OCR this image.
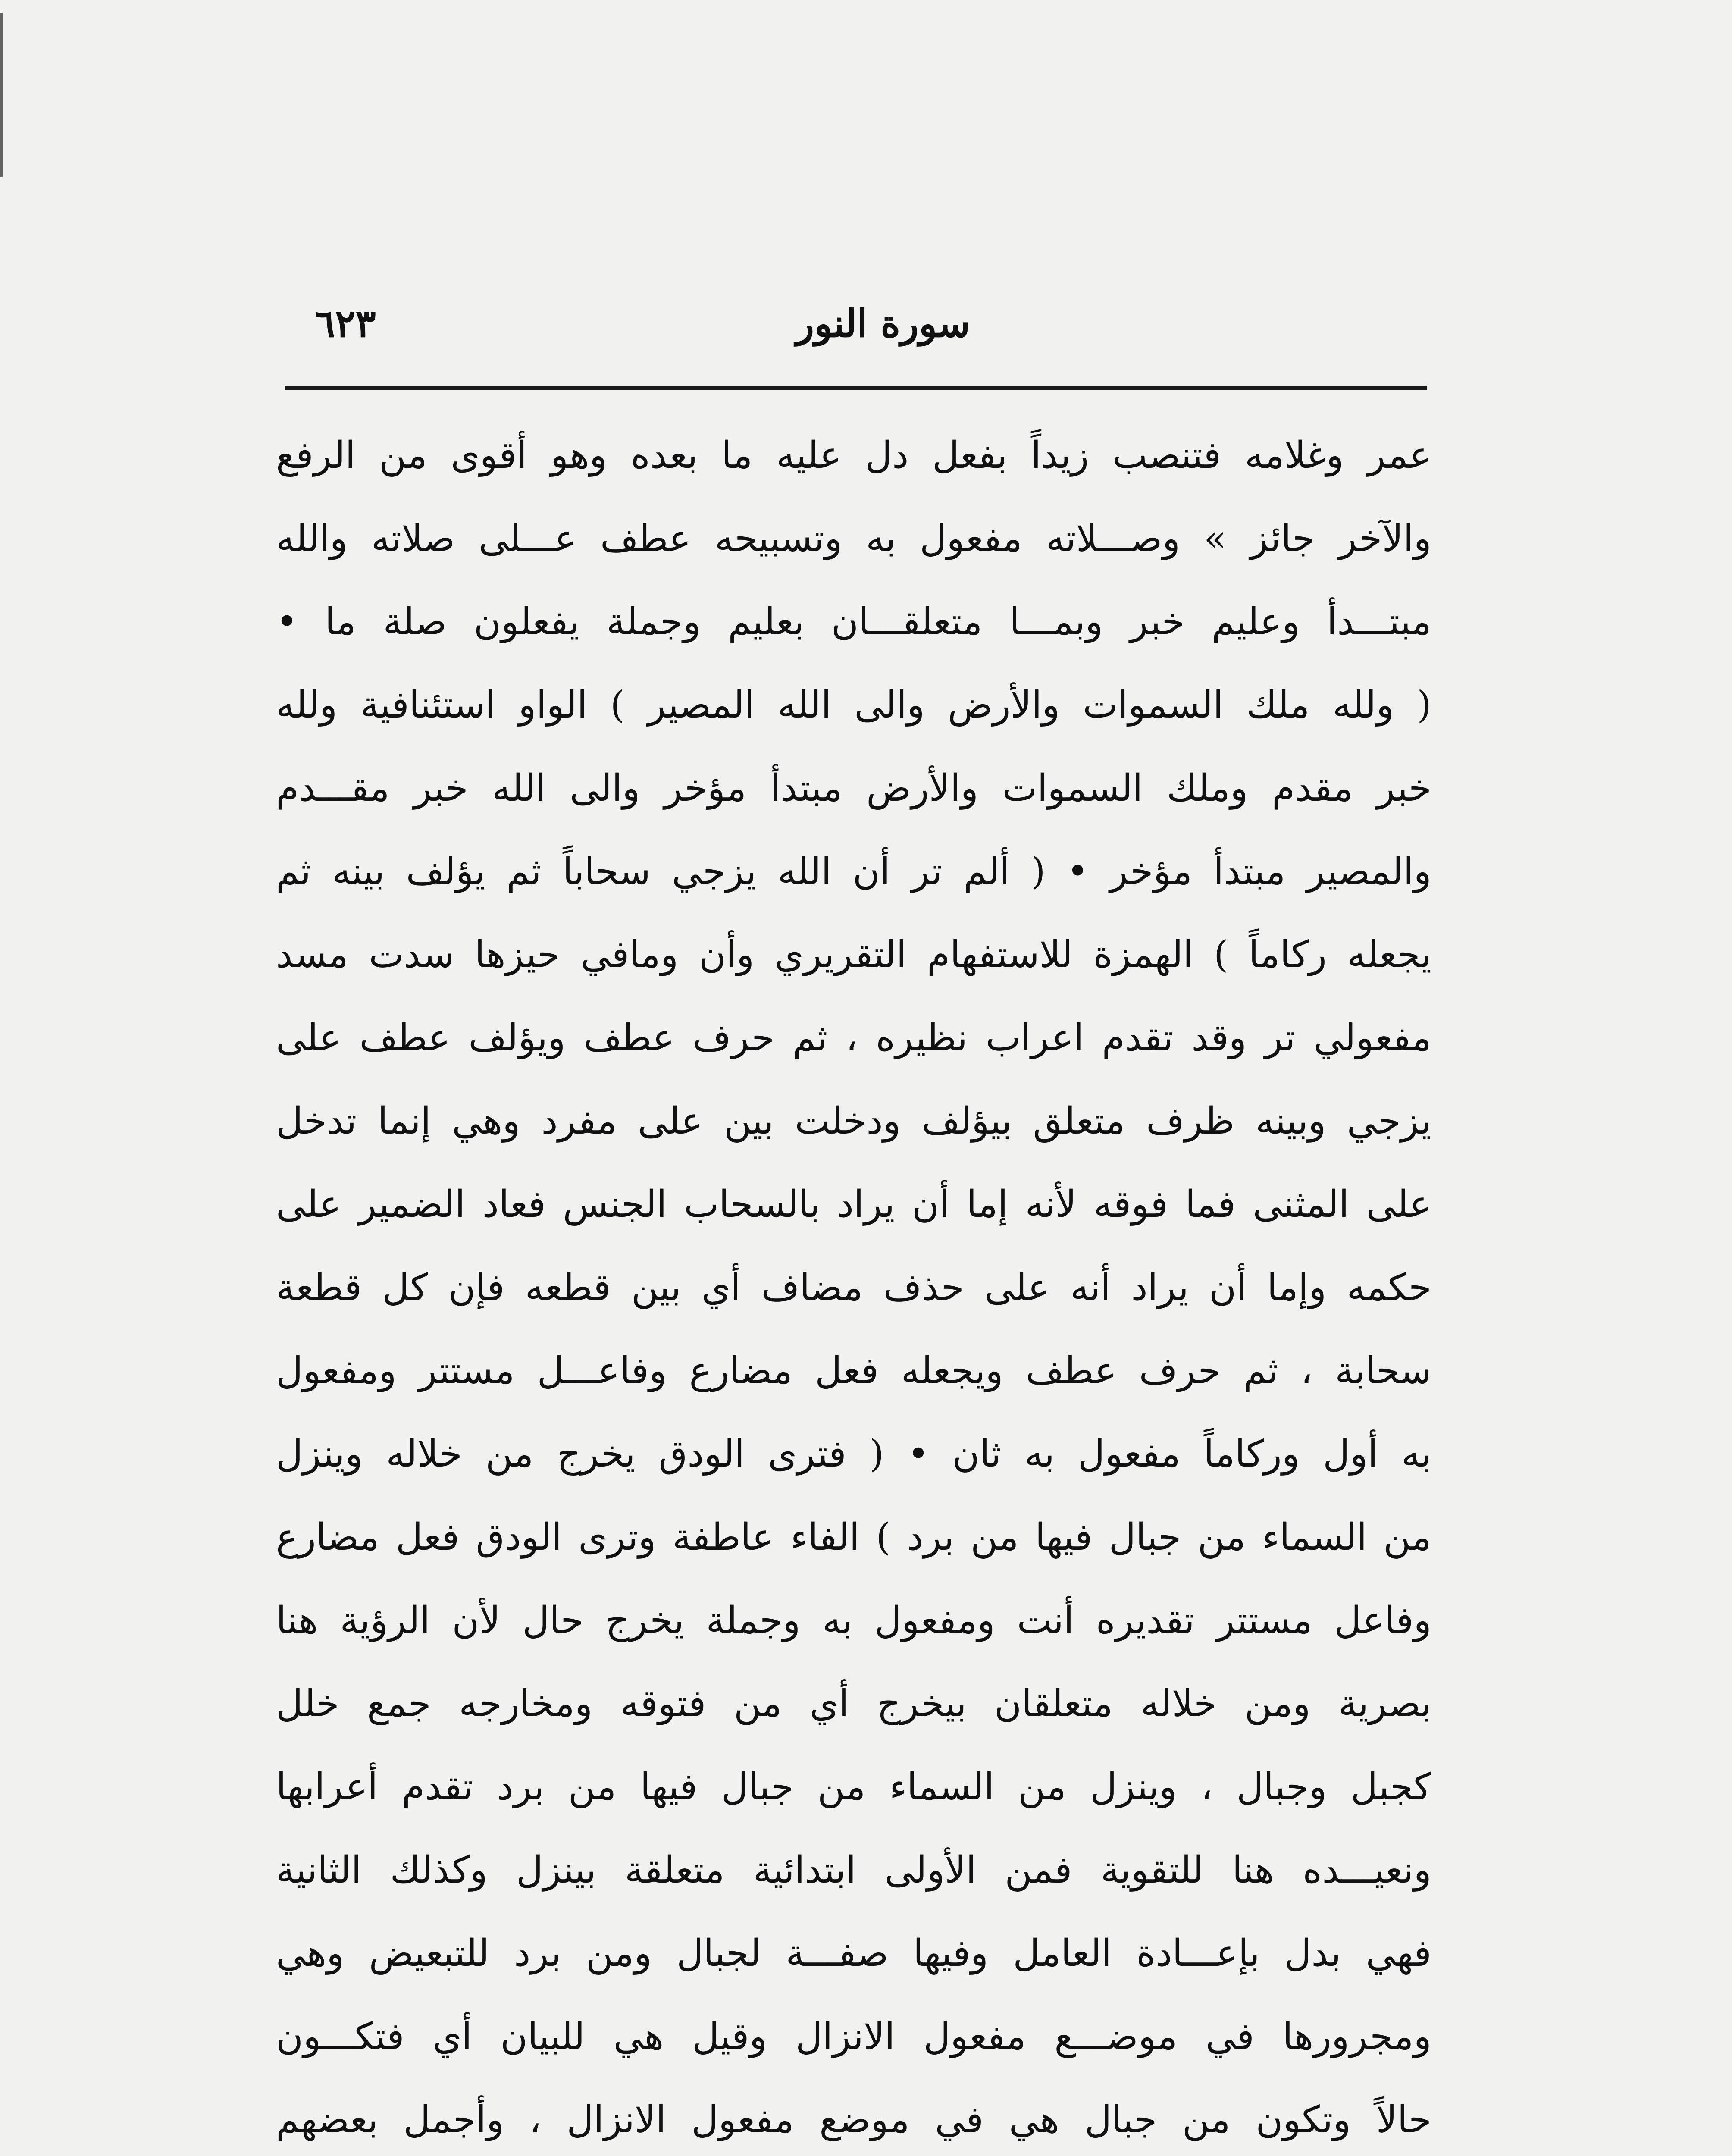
سورة النور
٦٢٣
عمر وغلامه فتنصب زيداً بفعل دل عليه ما بعده وهو أقوى من الرفع
والآخر جائز » وصـــلاته مفعول به وتسبيحه عطف عـــلى صلاته والله
مبتـــدأ وعليم خبر وبمـــا متعلقـــان بعليم وجملة يفعلون صلة ما •
( ولله ملك السموات والأرض والى الله المصير ) الواو استئنافية ولله
خبر مقدم وملك السموات والأرض مبتدأ مؤخر والى الله خبر مقـــدم
والمصير مبتدأ مؤخر • ( ألم تر أن الله يزجي سحاباً ثم يؤلف بينه ثم
يجعله ركاماً ) الهمزة للاستفهام التقريري وأن ومافي حيزها سدت مسد
مفعولي تر وقد تقدم اعراب نظيره ، ثم حرف عطف ويؤلف عطف على
يزجي وبينه ظرف متعلق بيؤلف ودخلت بين على مفرد وهي إنما تدخل
على المثنى فما فوقه لأنه إما أن يراد بالسحاب الجنس فعاد الضمير على
حكمه وإما أن يراد أنه على حذف مضاف أي بين قطعه فإن كل قطعة
سحابة ، ثم حرف عطف ويجعله فعل مضارع وفاعـــل مستتر ومفعول
به أول وركاماً مفعول به ثان • ( فترى الودق يخرج من خلاله وينزل
من السماء من جبال فيها من برد ) الفاء عاطفة وترى الودق فعل مضارع
وفاعل مستتر تقديره أنت ومفعول به وجملة يخرج حال لأن الرؤية هنا
بصرية ومن خلاله متعلقان بيخرج أي من فتوقه ومخارجه جمع خلل
كجبل وجبال ، وينزل من السماء من جبال فيها من برد تقدم أعرابها
ونعيـــده هنا للتقوية فمن الأولى ابتدائية متعلقة بينزل وكذلك الثانية
فهي بدل بإعـــادة العامل وفيها صفـــة لجبال ومن برد للتبعيض وهي
ومجرورها في موضـــع مفعول الانزال وقيل هي للبيان أي فتكـــون
حالاً وتكون من جبال هي في موضع مفعول الانزال ، وأجمل بعضهم
